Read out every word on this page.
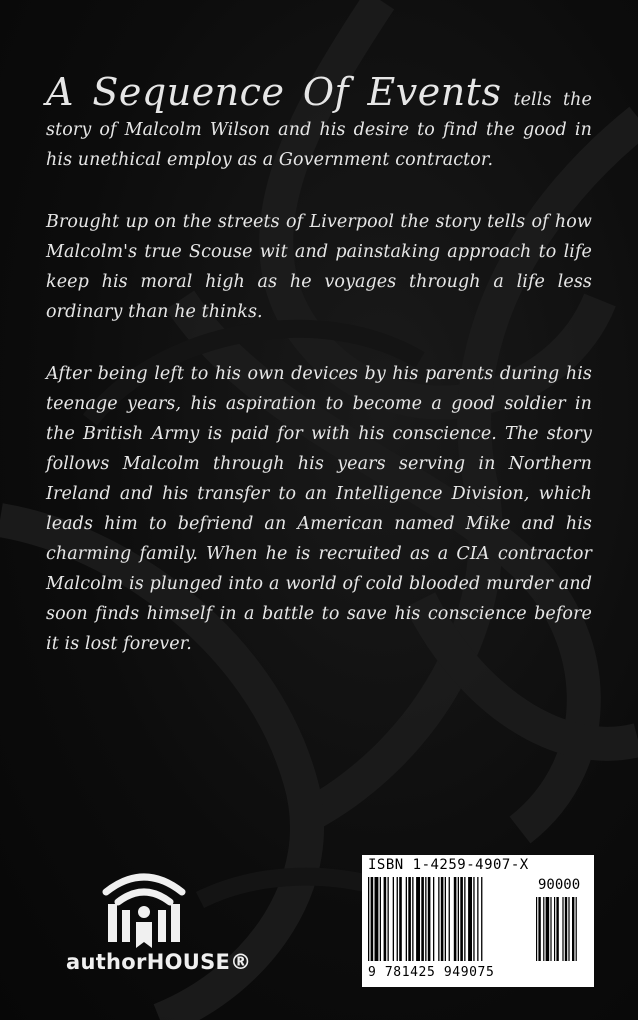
A Sequence Of Events tells the story of Malcolm Wilson and his desire to find the good in his unethical employ as a Government contractor.

Brought up on the streets of Liverpool the story tells of how Malcolm's true Scouse wit and painstaking approach to life keep his moral high as he voyages through a life less ordinary than he thinks.

After being left to his own devices by his parents during his teenage years, his aspiration to become a good soldier in the British Army is paid for with his conscience. The story follows Malcolm through his years serving in Northern Ireland and his transfer to an Intelligence Division, which leads him to befriend an American named Mike and his charming family. When he is recruited as a CIA contractor Malcolm is plunged into a world of cold blooded murder and soon finds himself in a battle to save his conscience before it is lost forever.

authorHOUSE®
ISBN 1-4259-4907-X
90000
9 781425 949075
